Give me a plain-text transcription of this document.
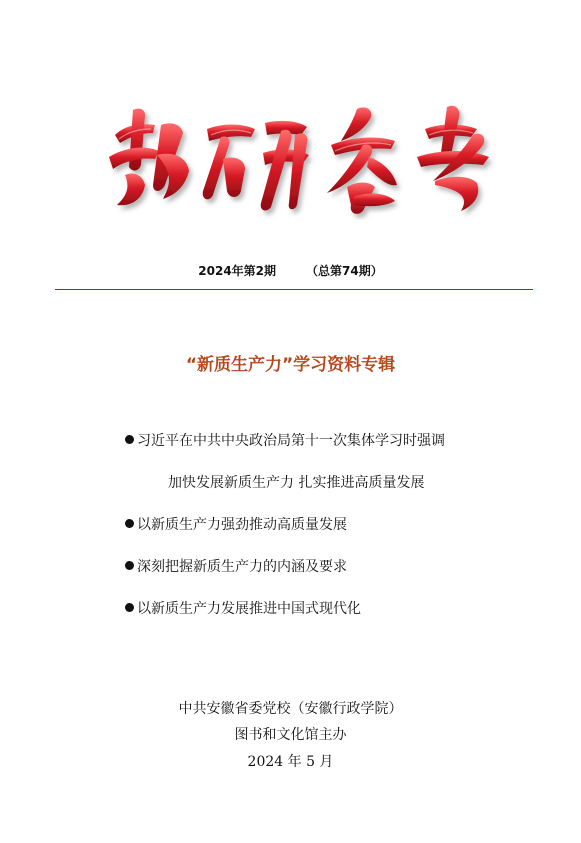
2024年第2期	（总第74期）
“新质生产力”学习资料专辑
习近平在中共中央政治局第十一次集体学习时强调
加快发展新质生产力 扎实推进高质量发展
以新质生产力强劲推动高质量发展
深刻把握新质生产力的内涵及要求
以新质生产力发展推进中国式现代化
中共安徽省委党校（安徽行政学院）
图书和文化馆主办
2024 年 5 月
